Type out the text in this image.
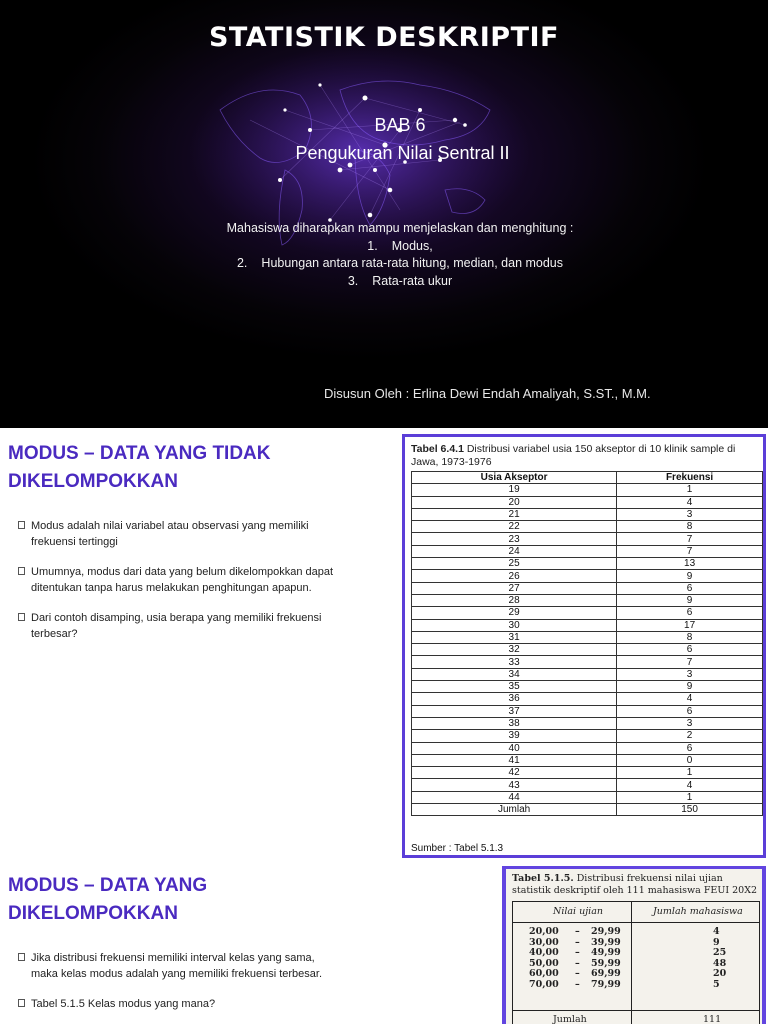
STATISTIK DESKRIPTIF
BAB 6
Pengukuran Nilai Sentral II
Mahasiswa diharapkan mampu menjelaskan dan menghitung :
1. Modus,
2. Hubungan antara rata-rata hitung, median, dan modus
3. Rata-rata ukur
Disusun Oleh : Erlina Dewi Endah Amaliyah, S.ST., M.M.
MODUS – DATA YANG TIDAK DIKELOMPOKKAN
Modus adalah nilai variabel atau observasi yang memiliki frekuensi tertinggi
Umumnya, modus dari data yang belum dikelompokkan dapat ditentukan tanpa harus melakukan penghitungan apapun.
Dari contoh disamping, usia berapa yang memiliki frekuensi terbesar?
Tabel 6.4.1 Distribusi variabel usia 150 akseptor di 10 klinik sample di Jawa, 1973-1976
Usia Akseptor	Frekuensi
19	1
20	4
21	3
22	8
23	7
24	7
25	13
26	9
27	6
28	9
29	6
30	17
31	8
32	6
33	7
34	3
35	9
36	4
37	6
38	3
39	2
40	6
41	0
42	1
43	4
44	1
Jumlah	150
Sumber : Tabel 5.1.3
MODUS – DATA YANG DIKELOMPOKKAN
Jika distribusi frekuensi memiliki interval kelas yang sama, maka kelas modus adalah yang memiliki frekuensi terbesar.
Tabel 5.1.5 Kelas modus yang mana?
Tabel 5.1.5. Distribusi frekuensi nilai ujian statistik deskriptif oleh 111 mahasiswa FEUI 20X2
Nilai ujian	Jumlah mahasiswa
20,00 – 29,99	4
30,00 – 39,99	9
40,00 – 49,99	25
50,00 – 59,99	48
60,00 – 69,99	20
70,00 – 79,99	5
Jumlah	111
